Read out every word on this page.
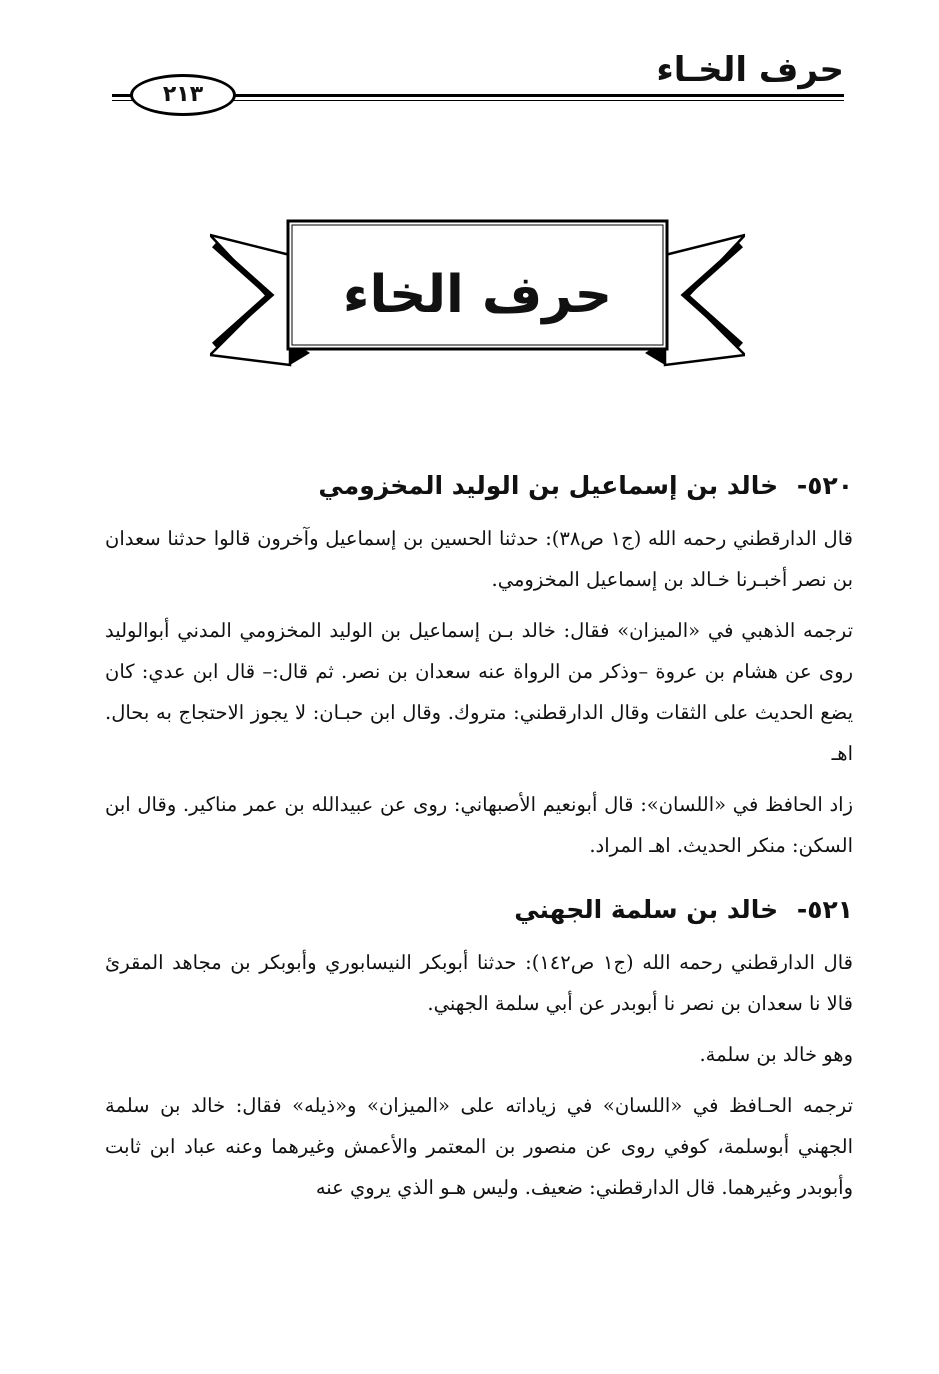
حرف الخـاء
٢١٣
حرف الخاء
٥٢٠- خالد بن إسماعيل بن الوليد المخزومي

قال الدارقطني رحمه الله (ج١ ص٣٨): حدثنا الحسين بن إسماعيل وآخرون قالوا حدثنا سعدان بن نصر أخبـرنا خـالد بن إسماعيل المخزومي.

ترجمه الذهبي في «الميزان» فقال: خالد بـن إسماعيل بن الوليد المخزومي المدني أبوالوليد روى عن هشام بن عروة –وذكر من الرواة عنه سعدان بن نصر. ثم قال:– قال ابن عدي: كان يضع الحديث على الثقات وقال الدارقطني: متروك. وقال ابن حبـان: لا يجوز الاحتجاج به بحال. اهـ

زاد الحافظ في «اللسان»: قال أبونعيم الأصبهاني: روى عن عبيدالله بن عمر مناكير. وقال ابن السكن: منكر الحديث. اهـ المراد.

٥٢١- خالد بن سلمة الجهني

قال الدارقطني رحمه الله (ج١ ص١٤٢): حدثنا أبوبكر النيسابوري وأبوبكر بن مجاهد المقرئ قالا نا سعدان بن نصر نا أبوبدر عن أبي سلمة الجهني.

وهو خالد بن سلمة.

ترجمه الحـافظ في «اللسان» في زياداته على «الميزان» و«ذيله» فقال: خالد بن سلمة الجهني أبوسلمة، كوفي روى عن منصور بن المعتمر والأعمش وغيرهما وعنه عباد ابن ثابت وأبوبدر وغيرهما. قال الدارقطني: ضعيف. وليس هـو الذي يروي عنه
